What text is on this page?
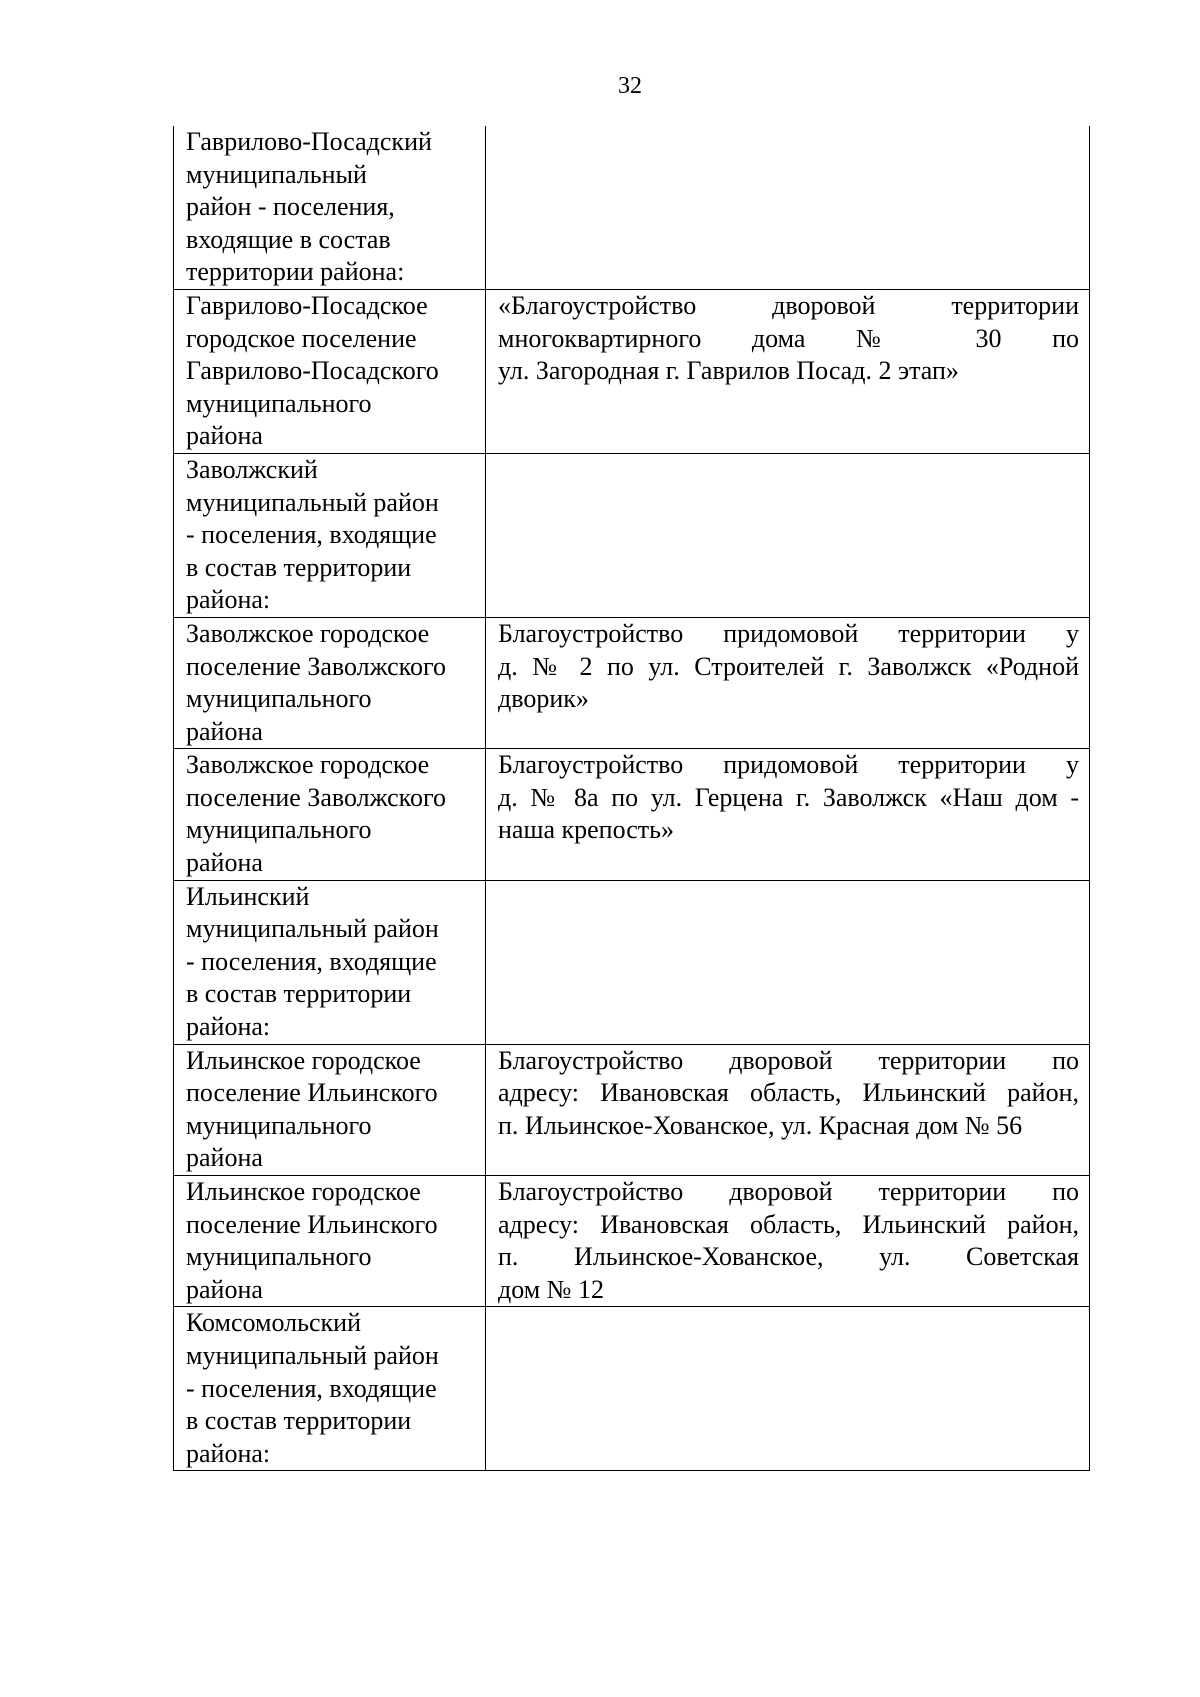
32
Гаврилово-Посадский
муниципальный
район - поселения,
входящие в состав
территории района:	

Гаврилово-Посадское
городское поселение
Гаврилово-Посадского
муниципального
района	«Благоустройство дворовой территории
многоквартирного дома № 30 по
ул. Загородная г. Гаврилов Посад. 2 этап»

Заволжский
муниципальный район
- поселения, входящие
в состав территории
района:	

Заволжское городское
поселение Заволжского
муниципального
района	Благоустройство придомовой территории у
д. № 2 по ул. Строителей г. Заволжск «Родной
дворик»

Заволжское городское
поселение Заволжского
муниципального
района	Благоустройство придомовой территории у
д. № 8а по ул. Герцена г. Заволжск «Наш дом -
наша крепость»

Ильинский
муниципальный район
- поселения, входящие
в состав территории
района:	

Ильинское городское
поселение Ильинского
муниципального
района	Благоустройство дворовой территории по
адресу: Ивановская область, Ильинский район,
п. Ильинское-Хованское, ул. Красная дом № 56

Ильинское городское
поселение Ильинского
муниципального
района	Благоустройство дворовой территории по
адресу: Ивановская область, Ильинский район,
п. Ильинское-Хованское, ул. Советская
дом № 12

Комсомольский
муниципальный район
- поселения, входящие
в состав территории
района:	
